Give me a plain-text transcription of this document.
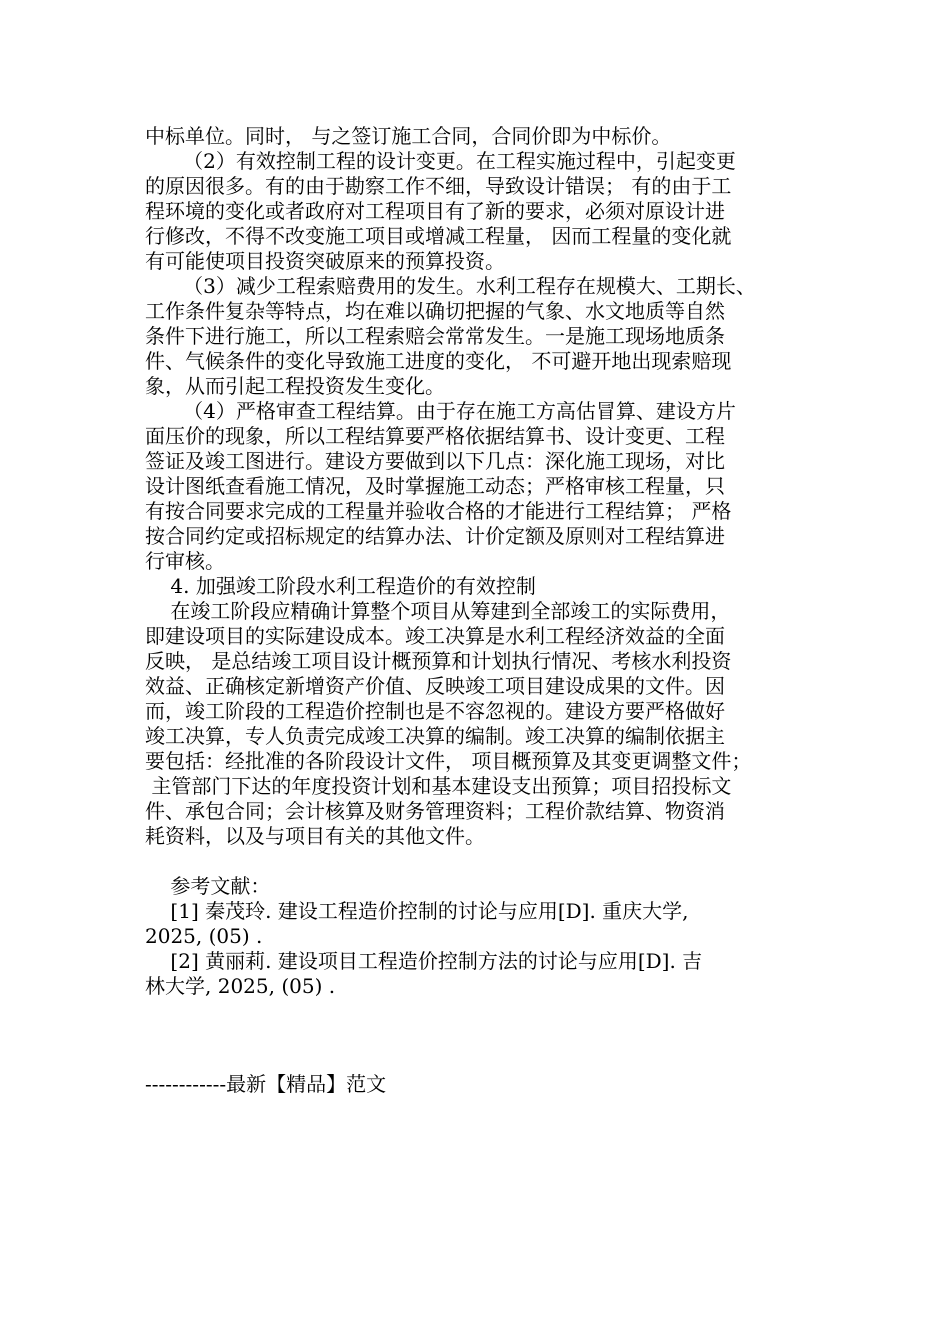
中标单位。同时， 与之签订施工合同，合同价即为中标价。
（2）有效控制工程的设计变更。在工程实施过程中，引起变更
的原因很多。有的由于勘察工作不细，导致设计错误； 有的由于工
程环境的变化或者政府对工程项目有了新的要求，必须对原设计进
行修改，不得不改变施工项目或增减工程量， 因而工程量的变化就
有可能使项目投资突破原来的预算投资。
（3）减少工程索赔费用的发生。水利工程存在规模大、工期长、
工作条件复杂等特点，均在难以确切把握的气象、水文地质等自然
条件下进行施工，所以工程索赔会常常发生。一是施工现场地质条
件、气候条件的变化导致施工进度的变化， 不可避开地出现索赔现
象，从而引起工程投资发生变化。
（4）严格审查工程结算。由于存在施工方高估冒算、建设方片
面压价的现象，所以工程结算要严格依据结算书、设计变更、工程
签证及竣工图进行。建设方要做到以下几点：深化施工现场，对比
设计图纸查看施工情况，及时掌握施工动态；严格审核工程量，只
有按合同要求完成的工程量并验收合格的才能进行工程结算； 严格
按合同约定或招标规定的结算办法、计价定额及原则对工程结算进
行审核。
4. 加强竣工阶段水利工程造价的有效控制
在竣工阶段应精确计算整个项目从筹建到全部竣工的实际费用，
即建设项目的实际建设成本。竣工决算是水利工程经济效益的全面
反映， 是总结竣工项目设计概预算和计划执行情况、考核水利投资
效益、正确核定新增资产价值、反映竣工项目建设成果的文件。因
而，竣工阶段的工程造价控制也是不容忽视的。建设方要严格做好
竣工决算，专人负责完成竣工决算的编制。竣工决算的编制依据主
要包括：经批准的各阶段设计文件， 项目概预算及其变更调整文件；
主管部门下达的年度投资计划和基本建设支出预算；项目招投标文
件、承包合同；会计核算及财务管理资料；工程价款结算、物资消
耗资料，以及与项目有关的其他文件。
参考文献：
[1] 秦茂玲. 建设工程造价控制的讨论与应用[D]. 重庆大学,
2025, (05) .
[2] 黄丽莉. 建设项目工程造价控制方法的讨论与应用[D]. 吉
林大学, 2025, (05) .
------------最新【精品】范文
